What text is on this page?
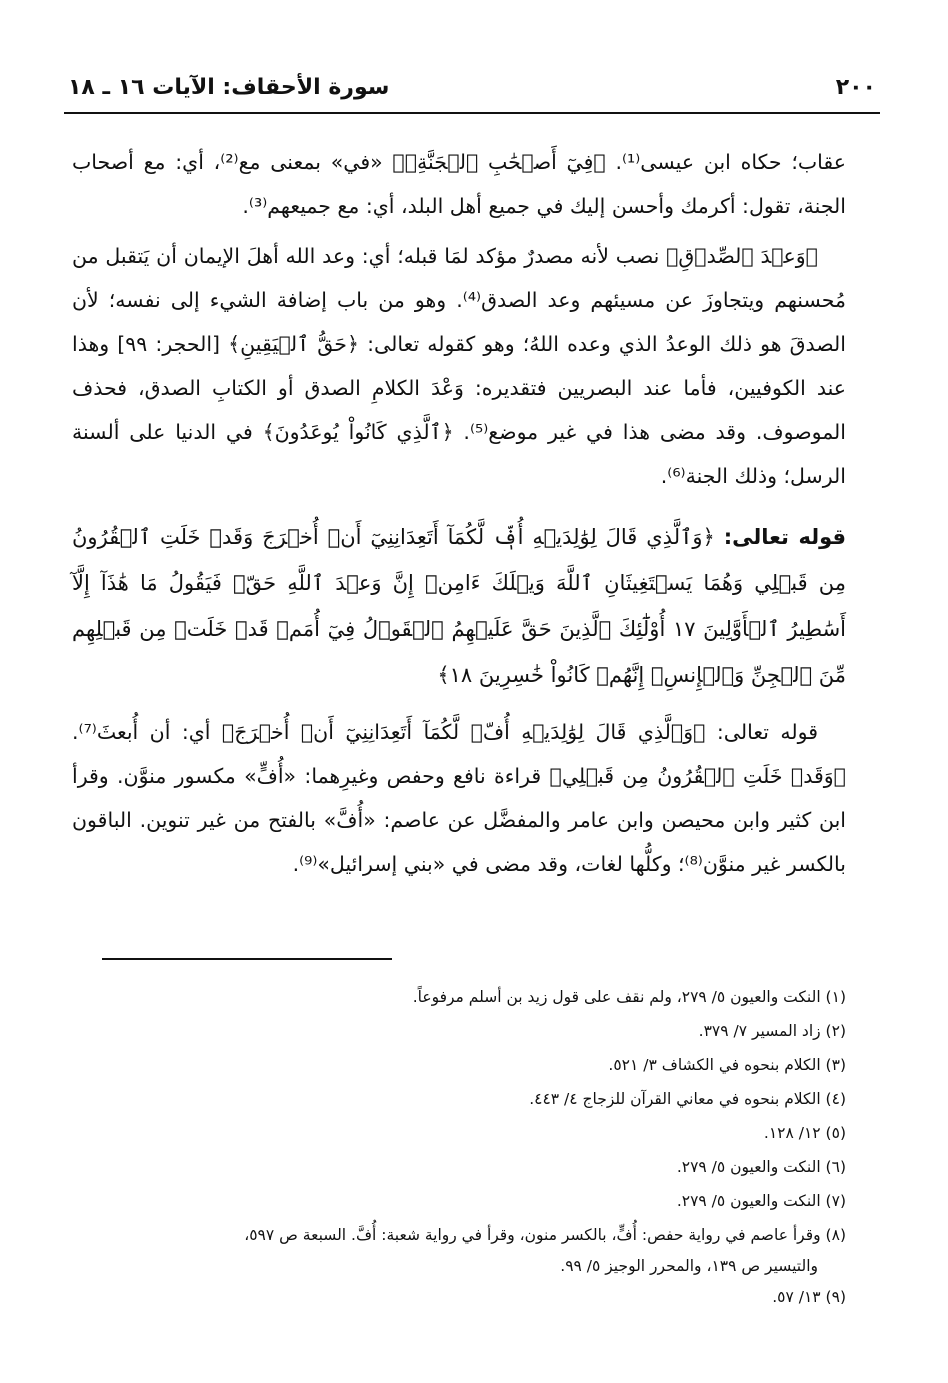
٢٠٠
سورة الأحقاف: الآيات ١٦ ـ ١٨

عقاب؛ حكاه ابن عيسى⁽¹⁾. ﴿فِيٓ أَصۡحَٰبِ ٱلۡجَنَّةِۖ﴾ «في» بمعنى مع⁽²⁾، أي: مع أصحاب الجنة، تقول: أكرمك وأحسن إليك في جميع أهل البلد، أي: مع جميعهم⁽³⁾.

﴿وَعۡدَ ٱلصِّدۡقِ﴾ نصب لأنه مصدرٌ مؤكد لمَا قبله؛ أي: وعد الله أهلَ الإيمان أن يَتقبل من مُحسنهم ويتجاوزَ عن مسيئهم وعد الصدق⁽⁴⁾. وهو من باب إضافة الشيء إلى نفسه؛ لأن الصدقَ هو ذلك الوعدُ الذي وعده اللهُ؛ وهو كقوله تعالى: ﴿حَقُّ ٱلۡيَقِينِ﴾ [الحجر: ٩٩] وهذا عند الكوفيين، فأما عند البصريين فتقديره: وَعْدَ الكلامِ الصدق أو الكتابِ الصدق، فحذف الموصوف. وقد مضى هذا في غير موضع⁽⁵⁾. ﴿ٱلَّذِي كَانُواْ يُوعَدُونَ﴾ في الدنيا على ألسنة الرسل؛ وذلك الجنة⁽⁶⁾.

قوله تعالى: ﴿وَٱلَّذِي قَالَ لِوَٰلِدَيۡهِ أُفّٖ لَّكُمَآ أَتَعِدَانِنِيٓ أَنۡ أُخۡرَجَ وَقَدۡ خَلَتِ ٱلۡقُرُونُ مِن قَبۡلِي وَهُمَا يَسۡتَغِيثَانِ ٱللَّهَ وَيۡلَكَ ءَامِنۡ إِنَّ وَعۡدَ ٱللَّهِ حَقّٞ فَيَقُولُ مَا هَٰذَآ إِلَّآ أَسَٰطِيرُ ٱلۡأَوَّلِينَ ١٧ أُوْلَٰٓئِكَ ٱلَّذِينَ حَقَّ عَلَيۡهِمُ ٱلۡقَوۡلُ فِيٓ أُمَمٖ قَدۡ خَلَتۡ مِن قَبۡلِهِم مِّنَ ٱلۡجِنِّ وَٱلۡإِنسِۖ إِنَّهُمۡ كَانُواْ خَٰسِرِينَ ١٨﴾

قوله تعالى: ﴿وَٱلَّذِي قَالَ لِوَٰلِدَيۡهِ أُفّٖ لَّكُمَآ أَتَعِدَانِنِيٓ أَنۡ أُخۡرَجَ﴾ أي: أن أُبعثَ⁽⁷⁾. ﴿وَقَدۡ خَلَتِ ٱلۡقُرُونُ مِن قَبۡلِي﴾ قراءة نافع وحفص وغيرِهما: «أُفٍّ» مكسور منوَّن. وقرأ ابن كثير وابن محيصن وابن عامر والمفضَّل عن عاصم: «أُفَّ» بالفتح من غير تنوين. الباقون بالكسر غير منوَّن⁽⁸⁾؛ وكلُّها لغات، وقد مضى في «بني إسرائيل»⁽⁹⁾.

(١) النكت والعيون ٥/ ٢٧٩، ولم نقف على قول زيد بن أسلم مرفوعاً.

(٢) زاد المسير ٧/ ٣٧٩.

(٣) الكلام بنحوه في الكشاف ٣/ ٥٢١.

(٤) الكلام بنحوه في معاني القرآن للزجاج ٤/ ٤٤٣.

(٥) ١٢/ ١٢٨.

(٦) النكت والعيون ٥/ ٢٧٩.

(٧) النكت والعيون ٥/ ٢٧٩.

(٨) وقرأ عاصم في رواية حفص: أُفٍّ، بالكسر منون، وقرأ في رواية شعبة: أُفَّ. السبعة ص ٥٩٧،

والتيسير ص ١٣٩، والمحرر الوجيز ٥/ ٩٩.

(٩) ١٣/ ٥٧.
